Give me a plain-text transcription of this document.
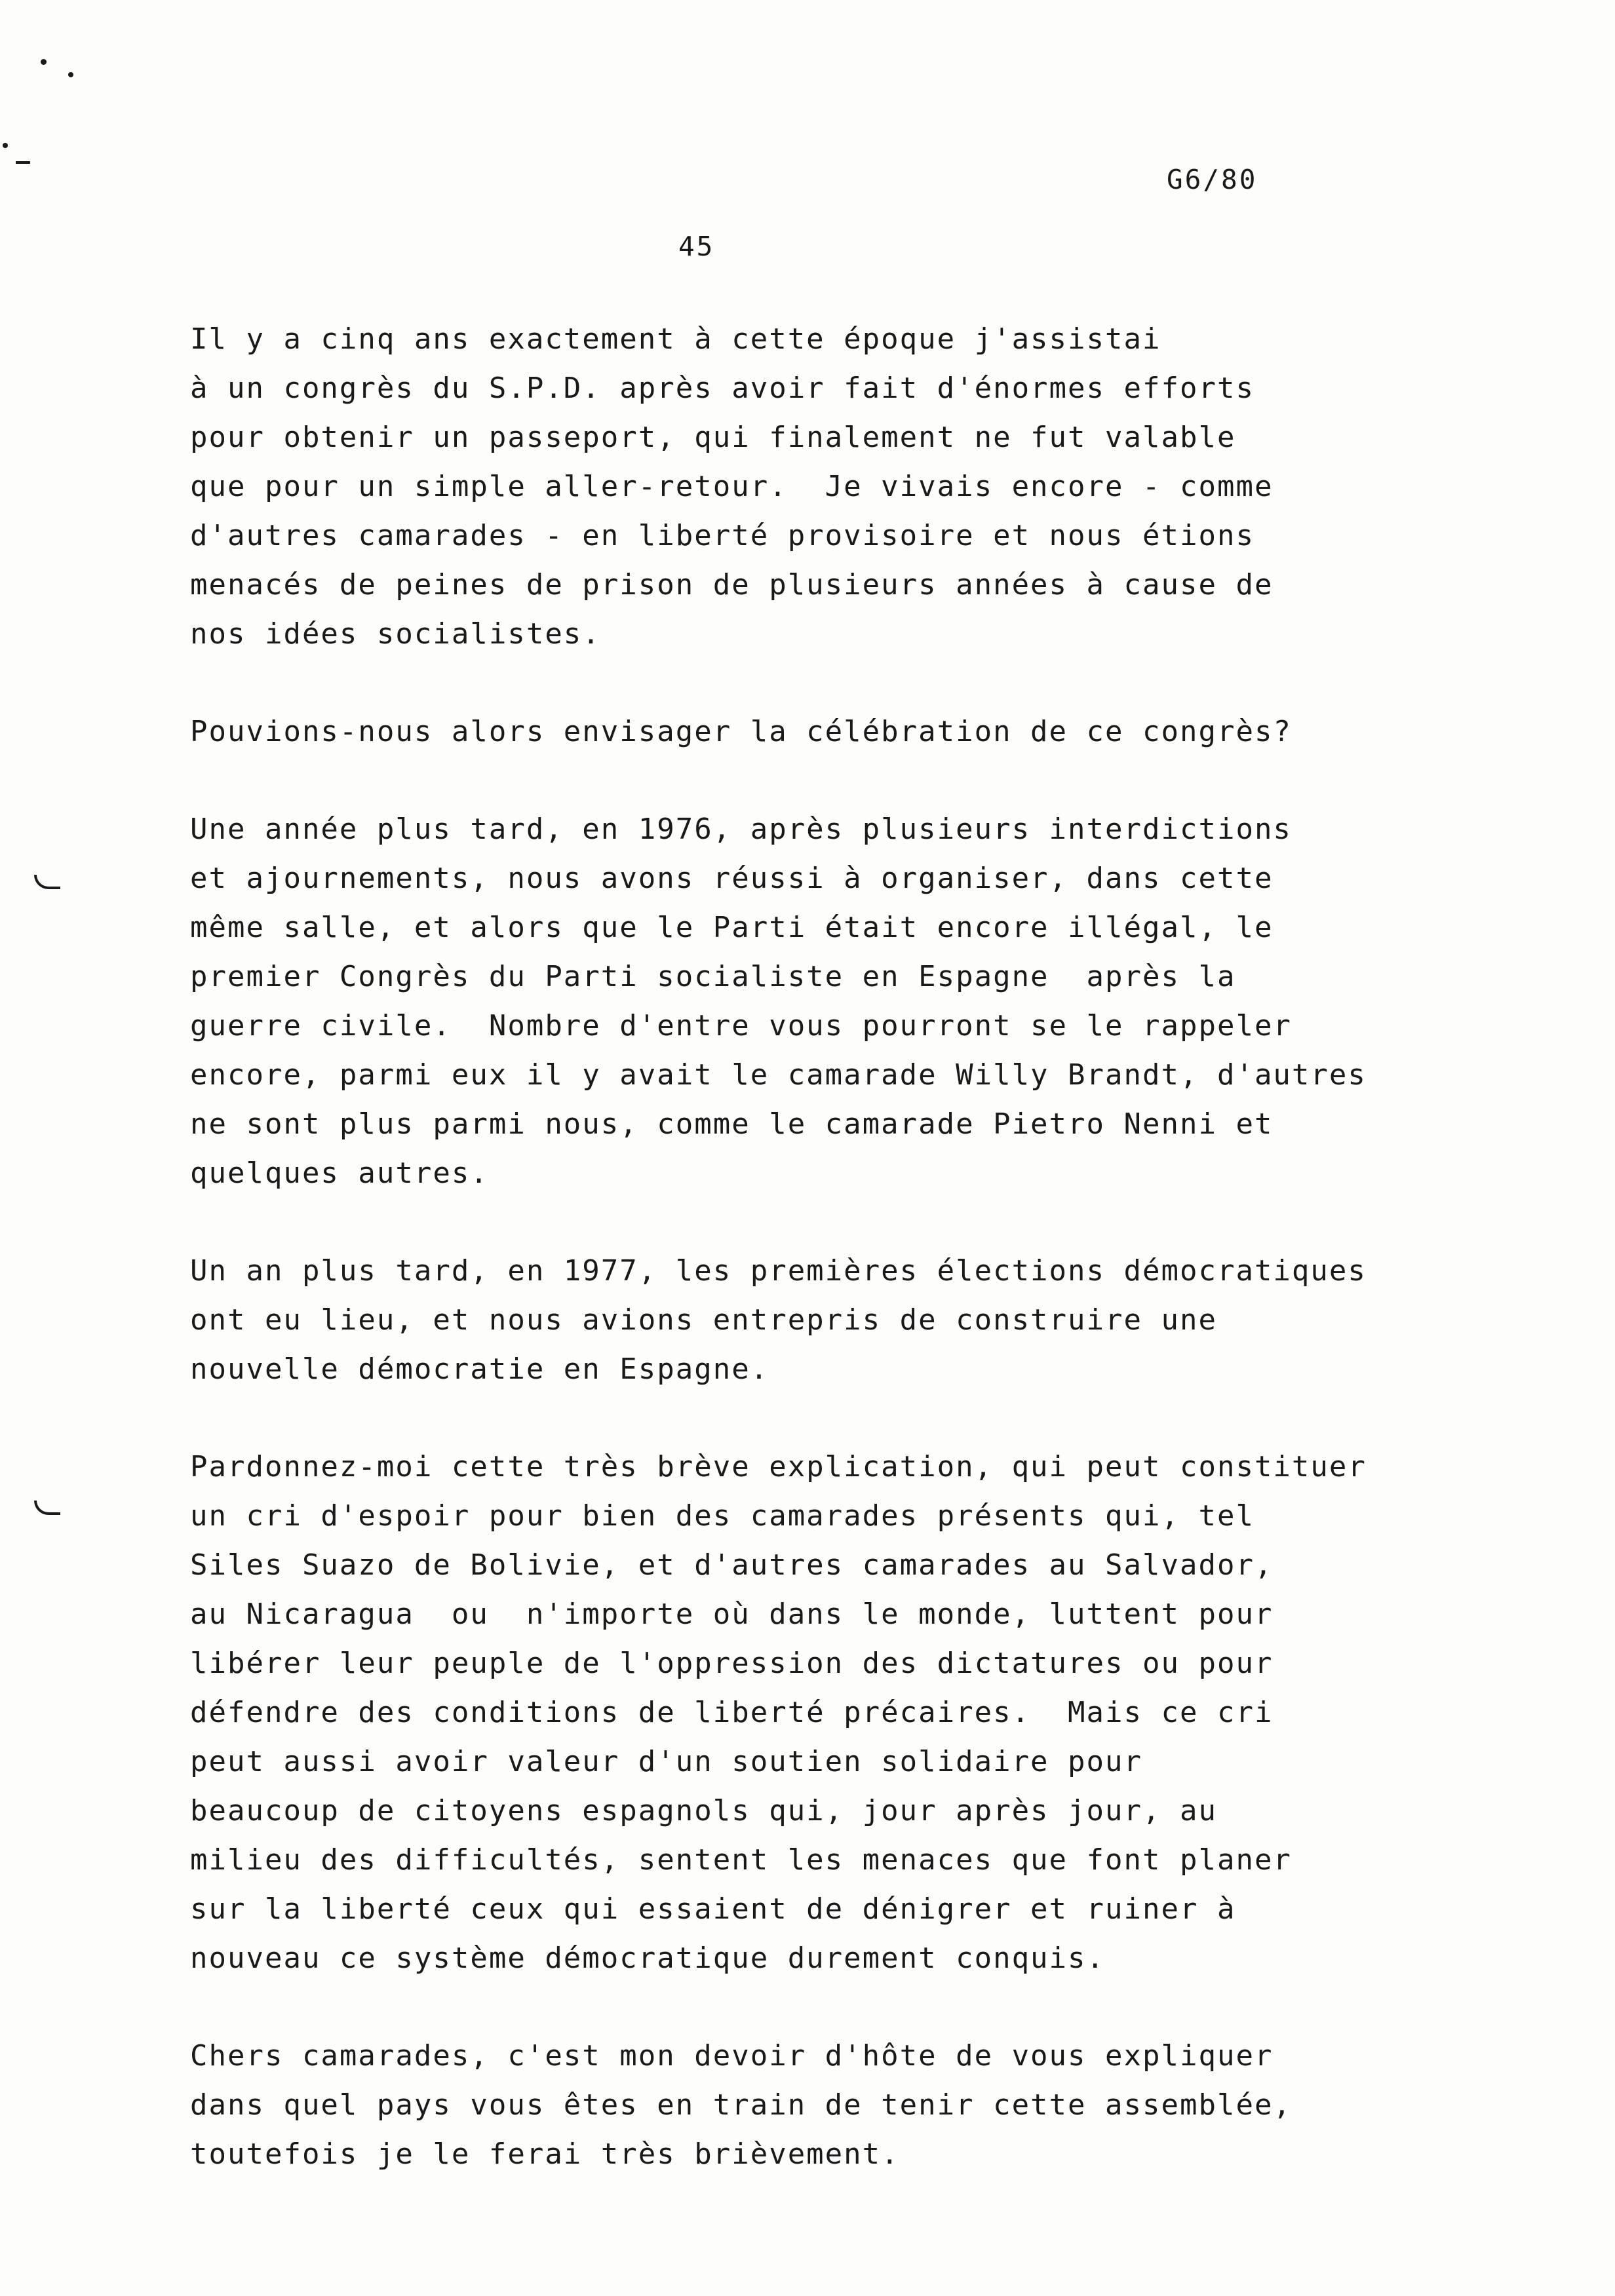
G6/80
45
Il y a cinq ans exactement à cette époque j'assistai
à un congrès du S.P.D. après avoir fait d'énormes efforts
pour obtenir un passeport, qui finalement ne fut valable
que pour un simple aller-retour.  Je vivais encore - comme
d'autres camarades - en liberté provisoire et nous étions
menacés de peines de prison de plusieurs années à cause de
nos idées socialistes.
Pouvions-nous alors envisager la célébration de ce congrès?
Une année plus tard, en 1976, après plusieurs interdictions
et ajournements, nous avons réussi à organiser, dans cette
même salle, et alors que le Parti était encore illégal, le
premier Congrès du Parti socialiste en Espagne  après la
guerre civile.  Nombre d'entre vous pourront se le rappeler
encore, parmi eux il y avait le camarade Willy Brandt, d'autres
ne sont plus parmi nous, comme le camarade Pietro Nenni et
quelques autres.
Un an plus tard, en 1977, les premières élections démocratiques
ont eu lieu, et nous avions entrepris de construire une
nouvelle démocratie en Espagne.
Pardonnez-moi cette très brève explication, qui peut constituer
un cri d'espoir pour bien des camarades présents qui, tel
Siles Suazo de Bolivie, et d'autres camarades au Salvador,
au Nicaragua  ou  n'importe où dans le monde, luttent pour
libérer leur peuple de l'oppression des dictatures ou pour
défendre des conditions de liberté précaires.  Mais ce cri
peut aussi avoir valeur d'un soutien solidaire pour
beaucoup de citoyens espagnols qui, jour après jour, au
milieu des difficultés, sentent les menaces que font planer
sur la liberté ceux qui essaient de dénigrer et ruiner à
nouveau ce système démocratique durement conquis.
Chers camarades, c'est mon devoir d'hôte de vous expliquer
dans quel pays vous êtes en train de tenir cette assemblée,
toutefois je le ferai très brièvement.
